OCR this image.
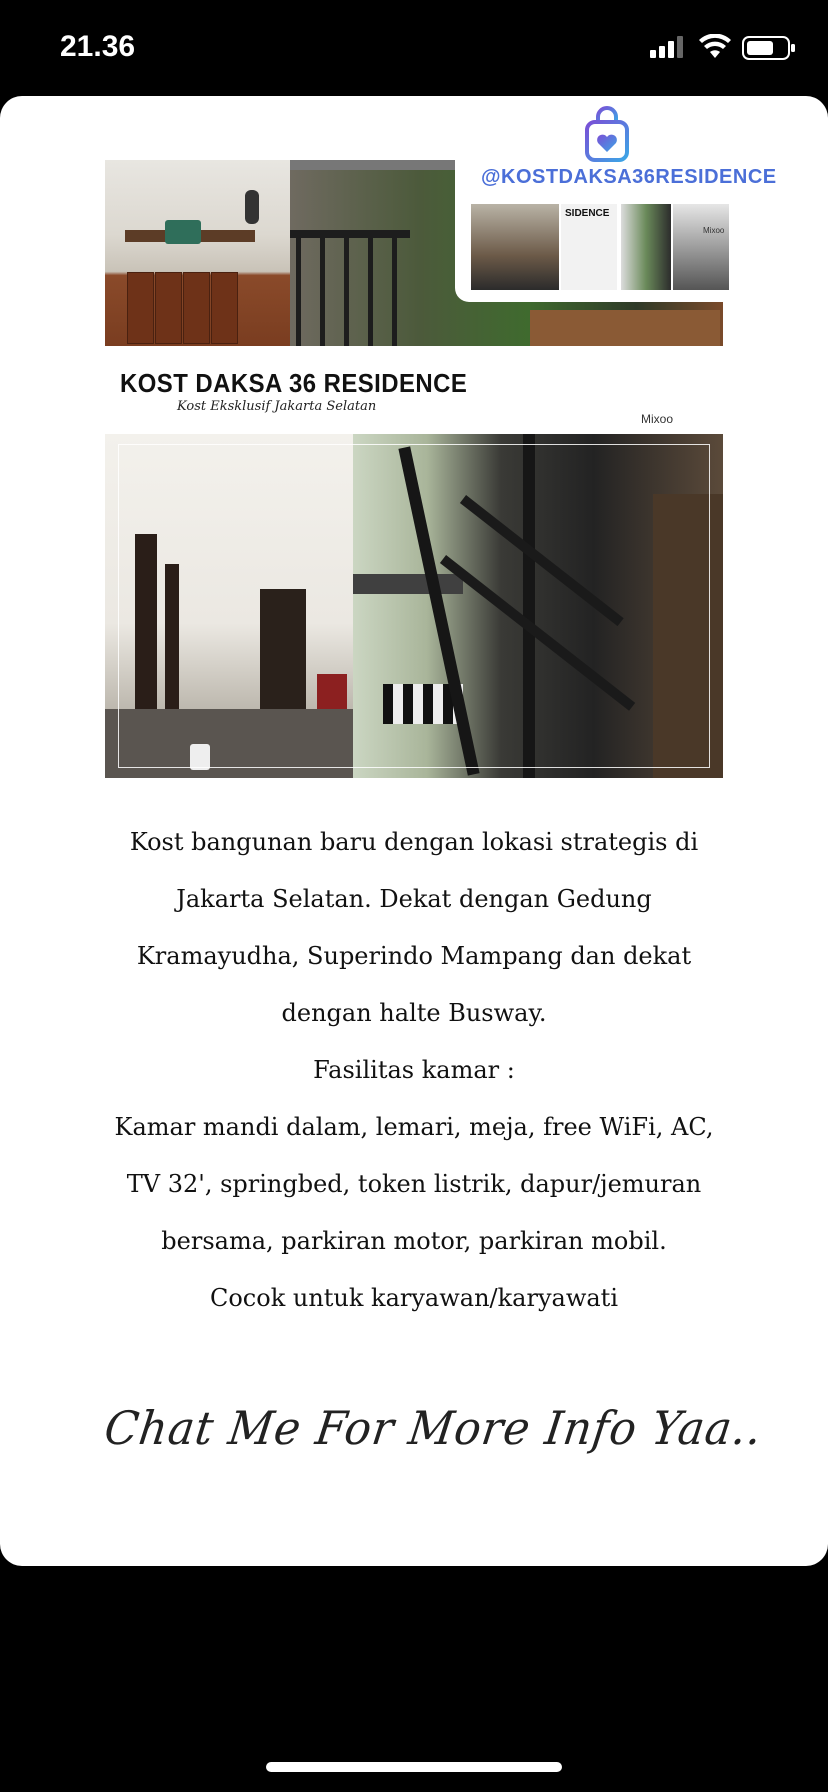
21.36
@KOSTDAKSA36RESIDENCE
SIDENCE
Mixoo
KOST DAKSA 36 RESIDENCE
Kost Eksklusif Jakarta Selatan
Mixoo
Kost bangunan baru dengan lokasi strategis di
Jakarta Selatan. Dekat dengan Gedung
Kramayudha, Superindo Mampang dan dekat
dengan halte Busway.
Fasilitas kamar :
Kamar mandi dalam, lemari, meja, free WiFi, AC,
TV 32', springbed, token listrik, dapur/jemuran
bersama, parkiran motor, parkiran mobil.
Cocok untuk karyawan/karyawati
Chat Me For More Info Yaa..
